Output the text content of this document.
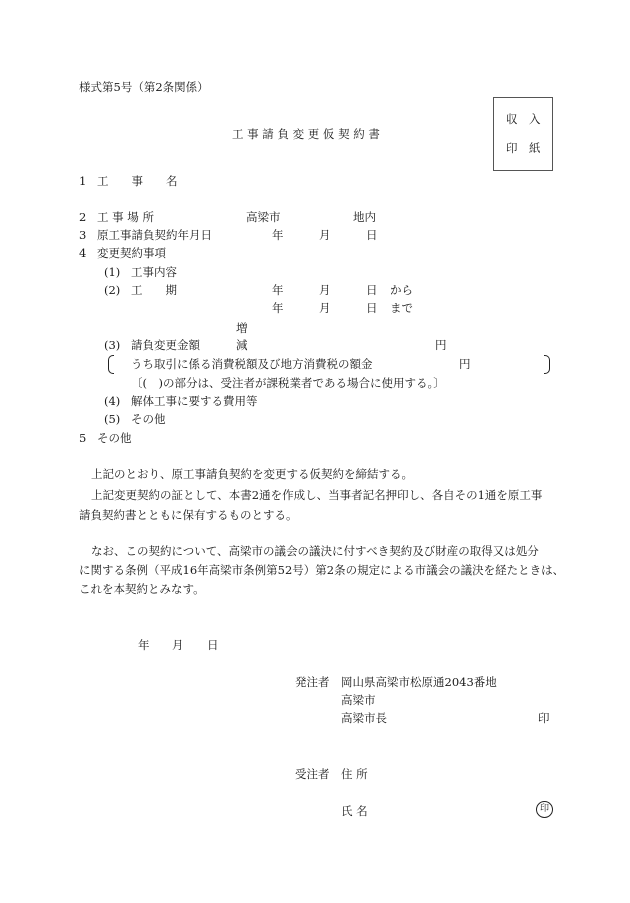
様式第5号（第2条関係）
工 事 請 負 変 更 仮 契 約 書
収　入
印　紙
1 工　　事　　名
2 工 事 場 所	高梁市	地内
3 原工事請負契約年月日	年	月	日
4 変更契約事項
(1) 工事内容
(2) 工　　期	年	月	日 から
年	月	日 まで
増
(3) 請負変更金額	減	円
うち取引に係る消費税額及び地方消費税の額金	円
〔(　)の部分は、受注者が課税業者である場合に使用する。〕
(4) 解体工事に要する費用等
(5) その他
5 その他
上記のとおり、原工事請負契約を変更する仮契約を締結する。
上記変更契約の証として、本書2通を作成し、当事者記名押印し、各自その1通を原工事
請負契約書とともに保有するものとする。
なお、この契約について、高梁市の議会の議決に付すべき契約及び財産の取得又は処分
に関する条例（平成16年高梁市条例第52号）第2条の規定による市議会の議決を経たときは、
これを本契約とみなす。
年 月 日
発注者 岡山県高梁市松原通2043番地
高梁市
高梁市長	印
受注者 住 所
氏 名	印
